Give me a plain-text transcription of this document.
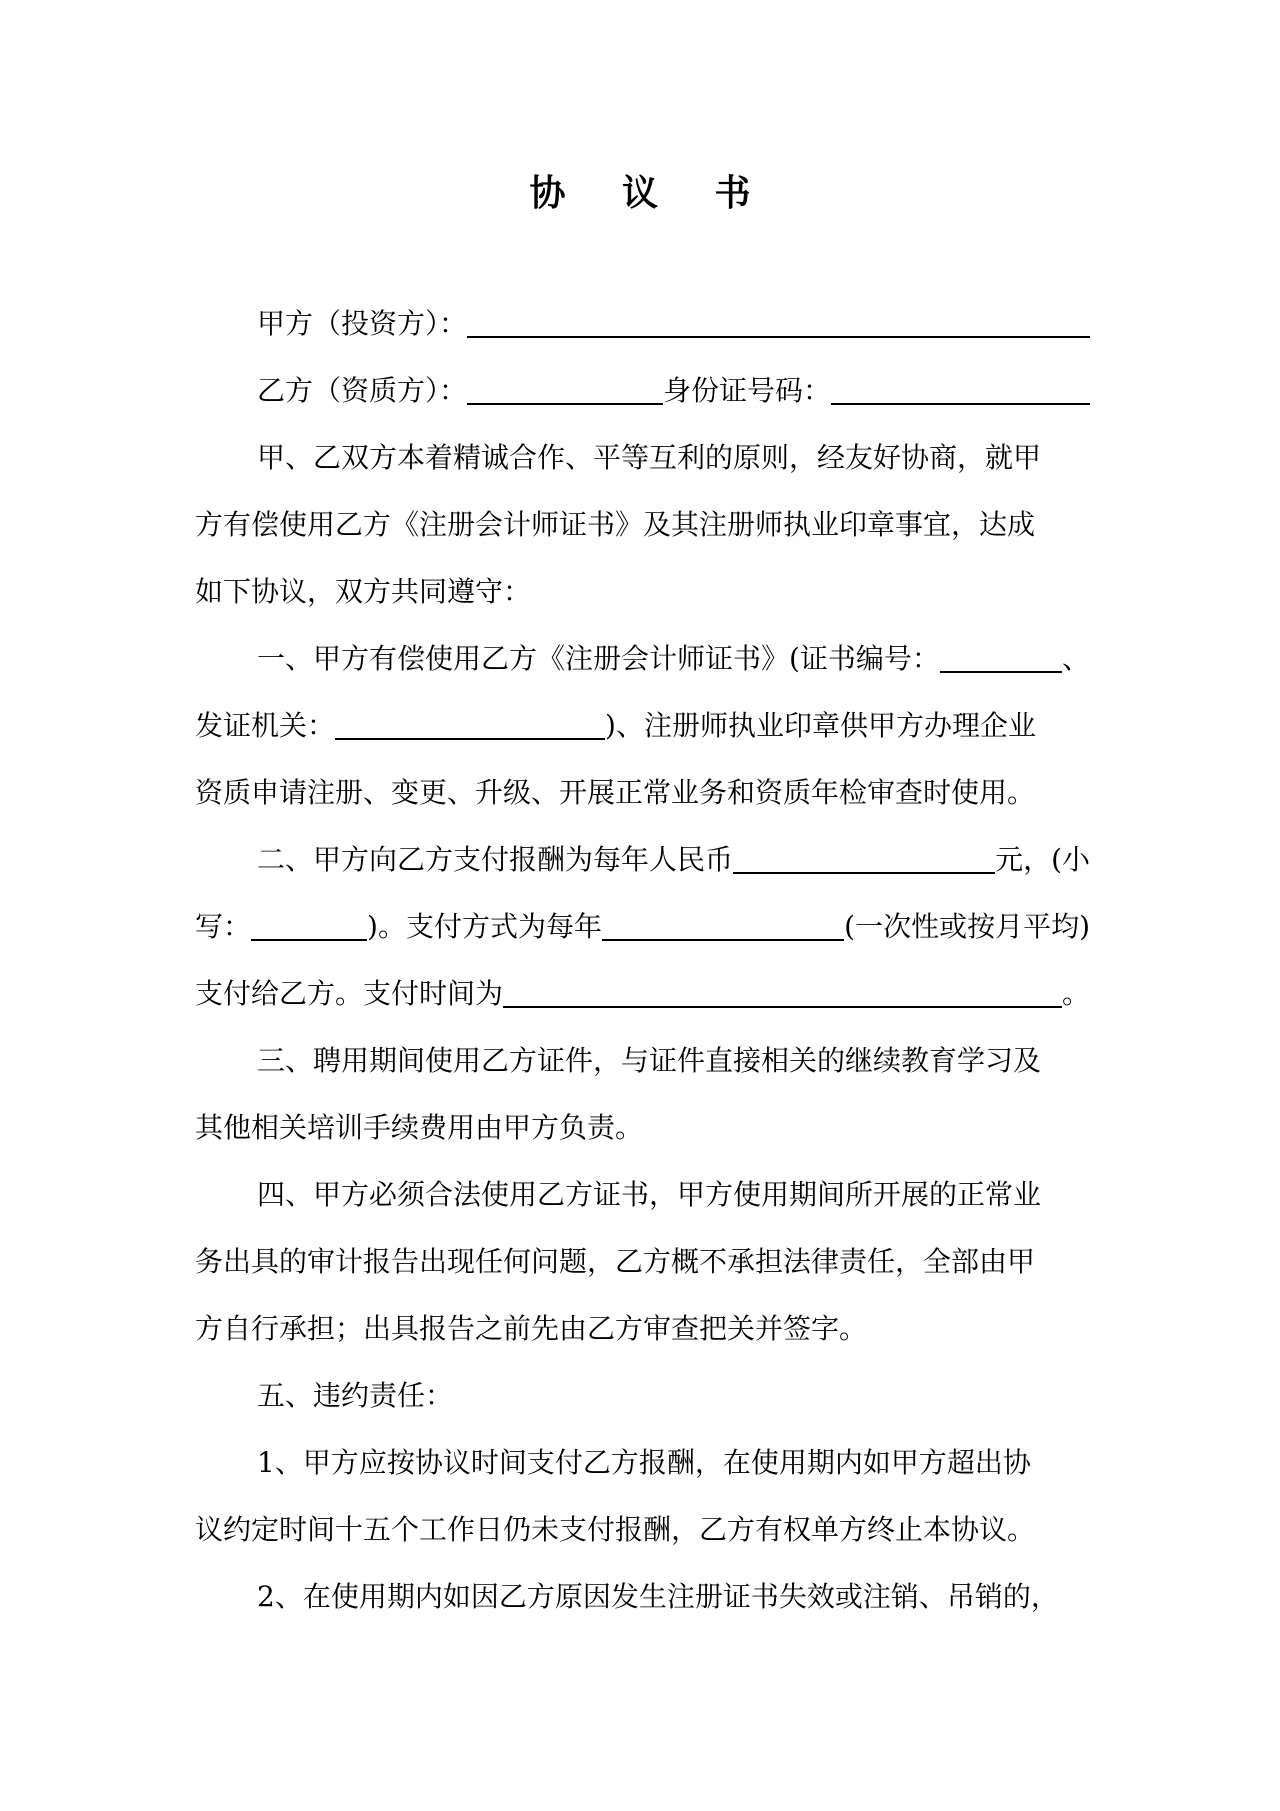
协 议 书
甲方（投资方）：
乙方（资质方）：	身份证号码：
甲、乙双方本着精诚合作、平等互利的原则，经友好协商，就甲
方有偿使用乙方《注册会计师证书》及其注册师执业印章事宜，达成
如下协议，双方共同遵守：
一、甲方有偿使用乙方《注册会计师证书》(证书编号：	、
发证机关：	)、注册师执业印章供甲方办理企业
资质申请注册、变更、升级、开展正常业务和资质年检审查时使用。
二、甲方向乙方支付报酬为每年人民币	元，(小
写：	)。支付方式为每年	(一次性或按月平均)
支付给乙方。支付时间为	。
三、聘用期间使用乙方证件，与证件直接相关的继续教育学习及
其他相关培训手续费用由甲方负责。
四、甲方必须合法使用乙方证书，甲方使用期间所开展的正常业
务出具的审计报告出现任何问题，乙方概不承担法律责任，全部由甲
方自行承担；出具报告之前先由乙方审查把关并签字。
五、违约责任：
1、甲方应按协议时间支付乙方报酬，在使用期内如甲方超出协
议约定时间十五个工作日仍未支付报酬，乙方有权单方终止本协议。
2、在使用期内如因乙方原因发生注册证书失效或注销、吊销的，
